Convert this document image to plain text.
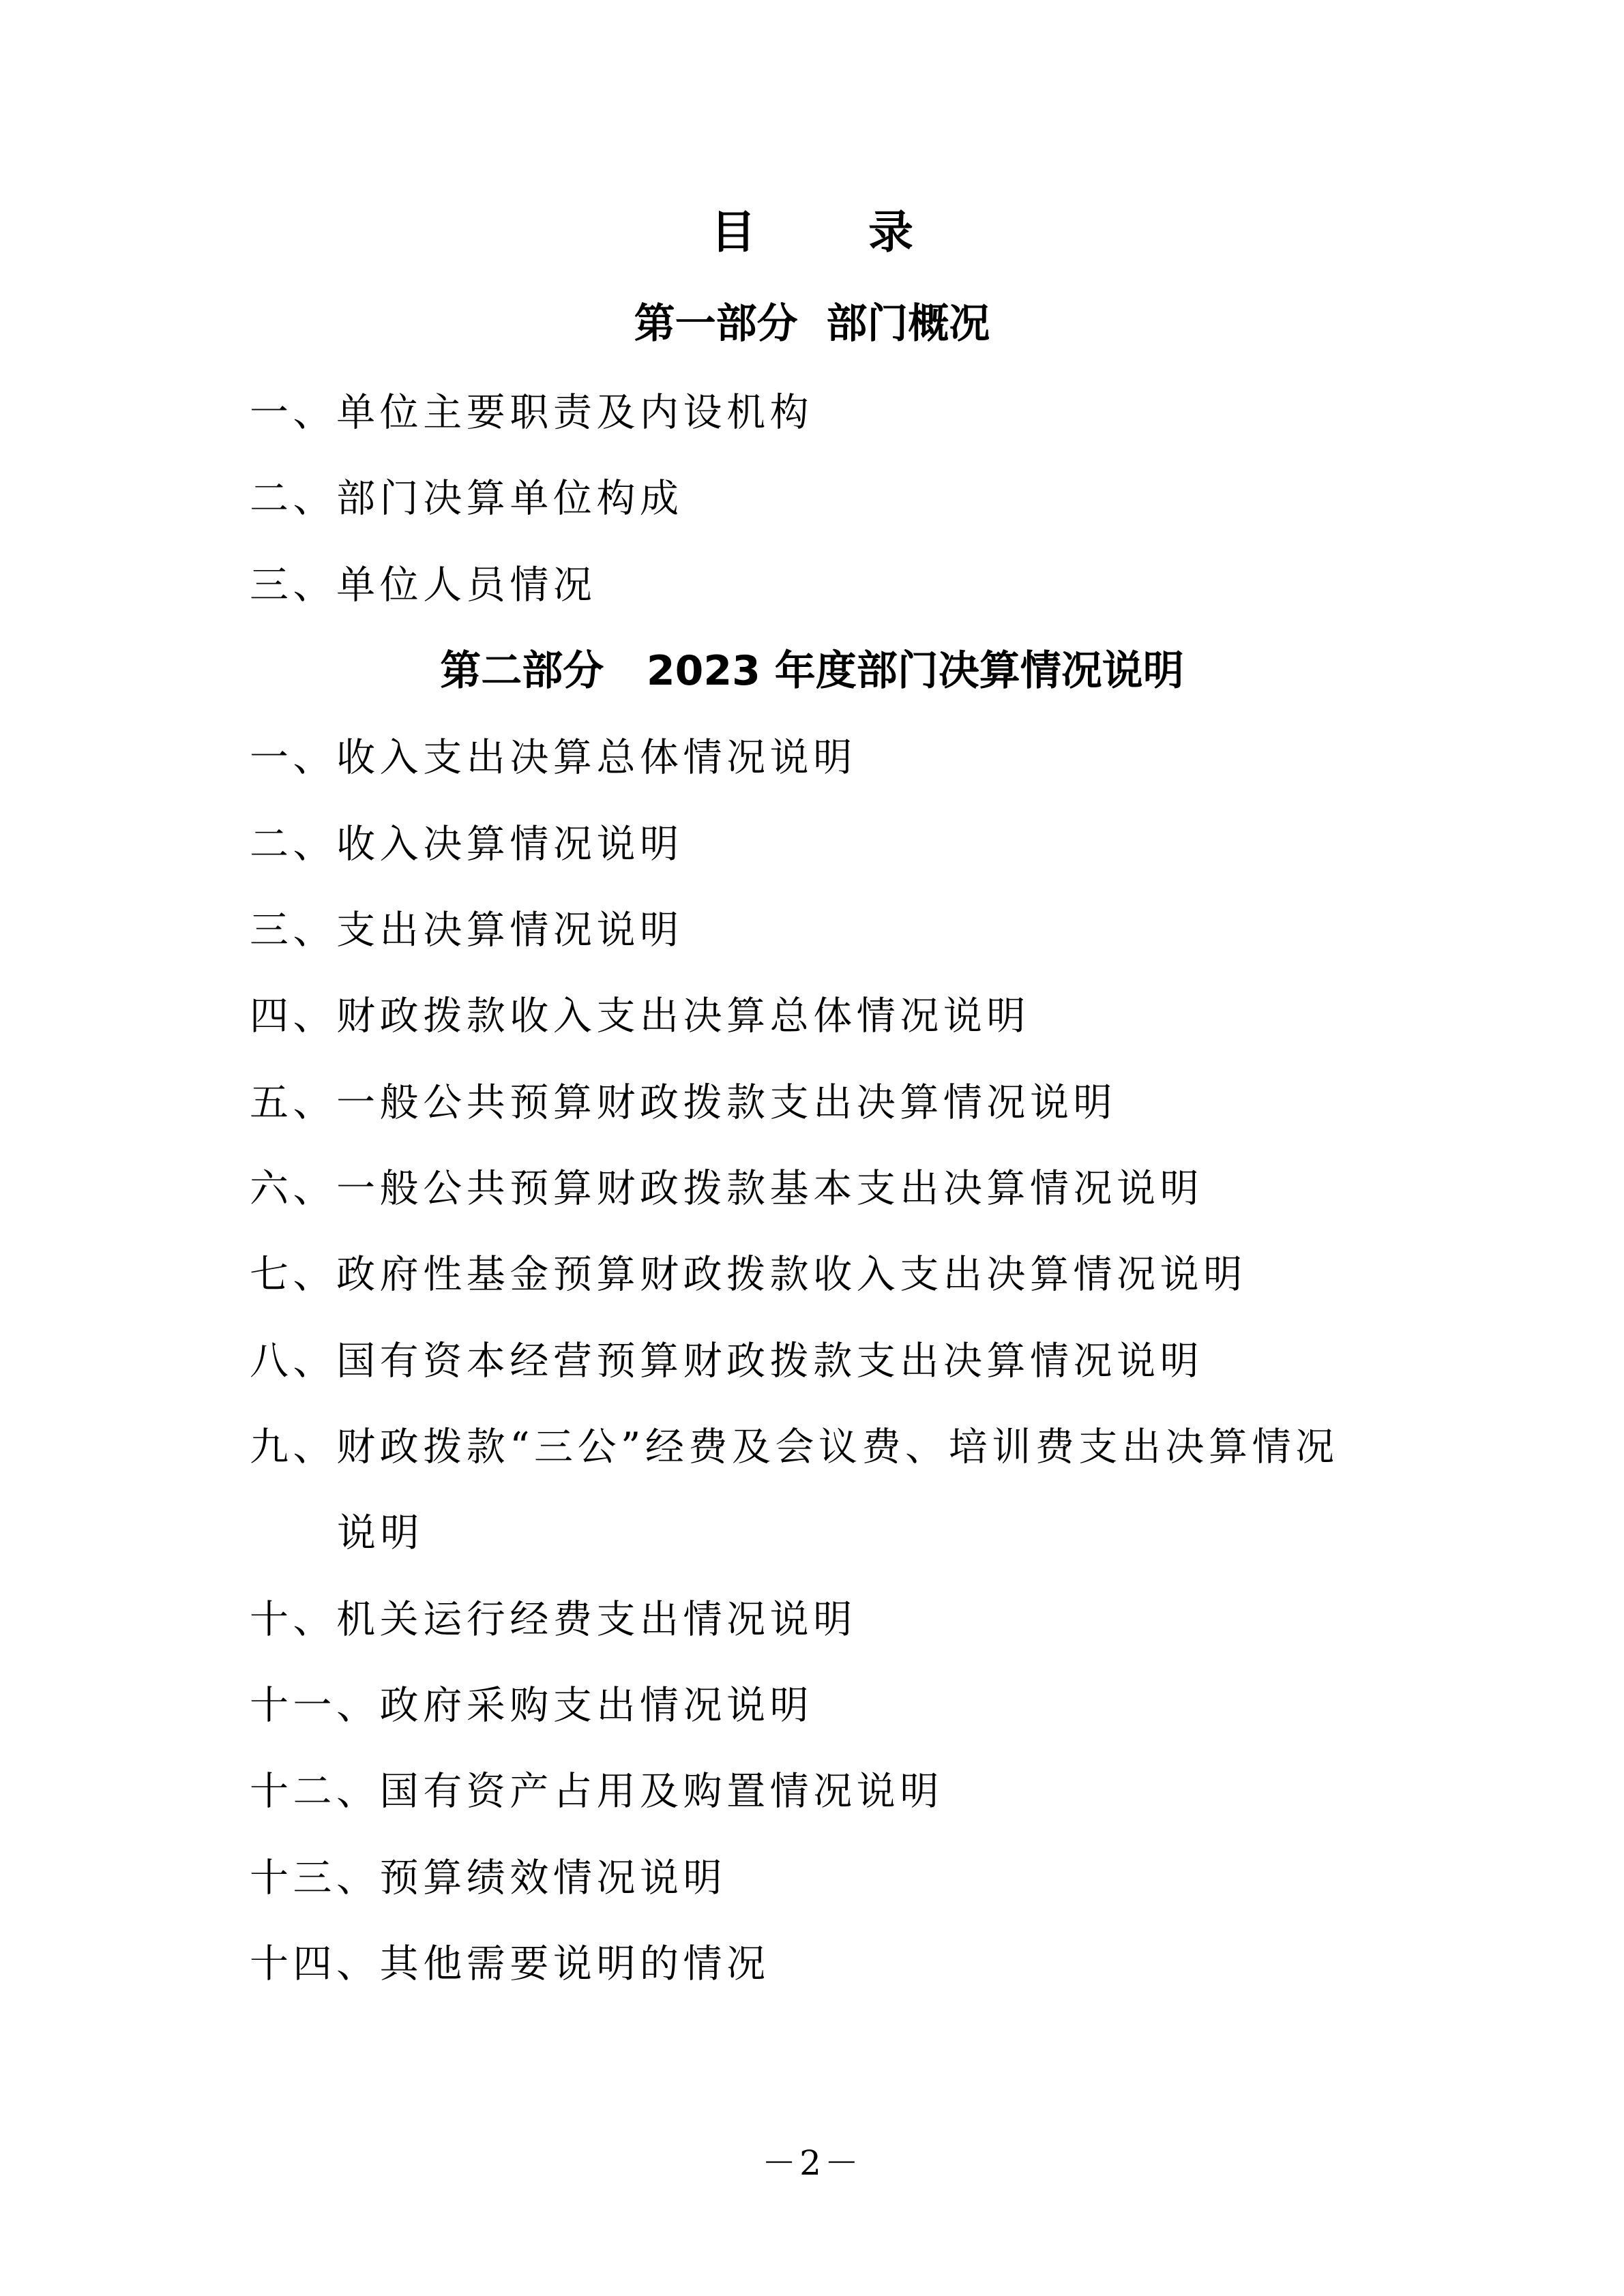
目　录
第一部分  部门概况
一、单位主要职责及内设机构
二、部门决算单位构成
三、单位人员情况
第二部分   2023 年度部门决算情况说明
一、收入支出决算总体情况说明
二、收入决算情况说明
三、支出决算情况说明
四、财政拨款收入支出决算总体情况说明
五、一般公共预算财政拨款支出决算情况说明
六、一般公共预算财政拨款基本支出决算情况说明
七、政府性基金预算财政拨款收入支出决算情况说明
八、国有资本经营预算财政拨款支出决算情况说明
九、财政拨款“三公”经费及会议费、培训费支出决算情况
说明
十、机关运行经费支出情况说明
十一、政府采购支出情况说明
十二、国有资产占用及购置情况说明
十三、预算绩效情况说明
十四、其他需要说明的情况
－2－
